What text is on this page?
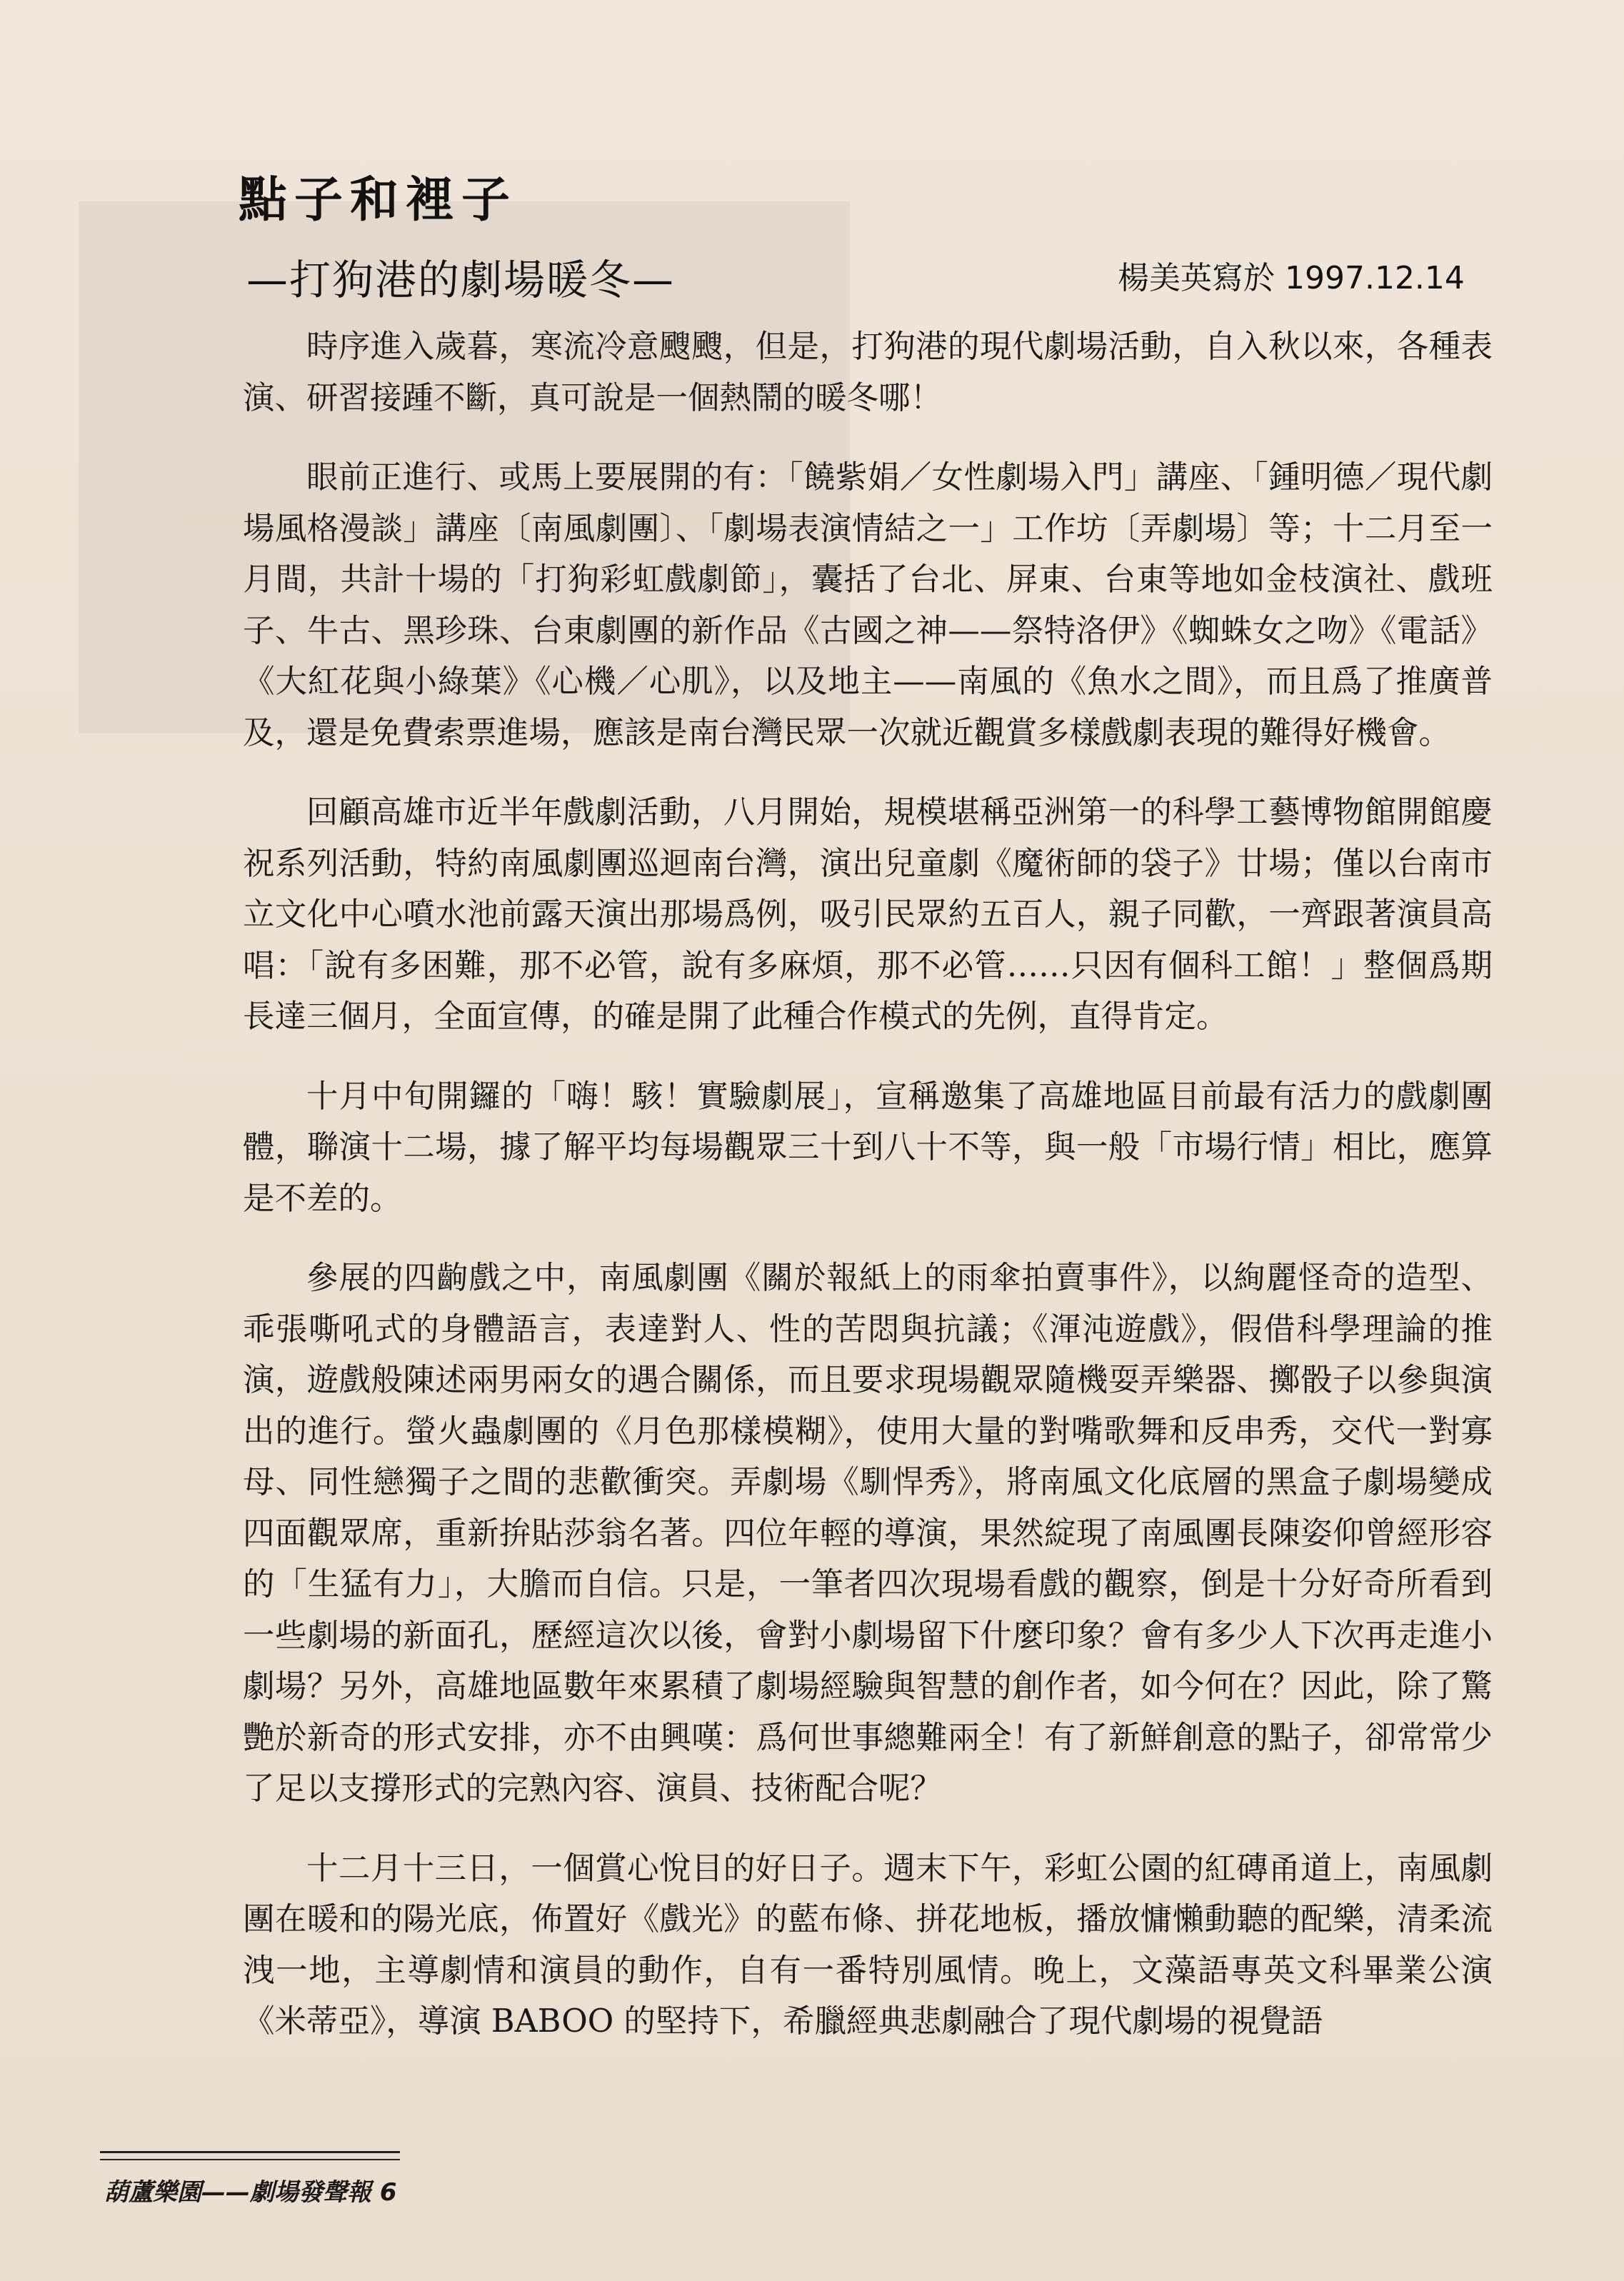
點子和裡子
—打狗港的劇場暖冬—	楊美英寫於 1997.12.14

時序進入歲暮，寒流冷意颼颼，但是，打狗港的現代劇場活動，自入秋以來，各種表演、研習接踵不斷，真可說是一個熱鬧的暖冬哪！

眼前正進行、或馬上要展開的有：「饒紫娟／女性劇場入門」講座、「鍾明德／現代劇場風格漫談」講座〔南風劇團〕、「劇場表演情結之一」工作坊〔弄劇場〕等；十二月至一月間，共計十場的「打狗彩虹戲劇節」，囊括了台北、屏東、台東等地如金枝演社、戲班子、牛古、黑珍珠、台東劇團的新作品《古國之神——祭特洛伊》《蜘蛛女之吻》《電話》《大紅花與小綠葉》《心機／心肌》，以及地主——南風的《魚水之間》，而且爲了推廣普及，還是免費索票進場，應該是南台灣民眾一次就近觀賞多樣戲劇表現的難得好機會。

回顧高雄市近半年戲劇活動，八月開始，規模堪稱亞洲第一的科學工藝博物館開館慶祝系列活動，特約南風劇團巡迴南台灣，演出兒童劇《魔術師的袋子》廿場；僅以台南市立文化中心噴水池前露天演出那場爲例，吸引民眾約五百人，親子同歡，一齊跟著演員高唱：「說有多困難，那不必管，說有多麻煩，那不必管……只因有個科工館！」整個爲期長達三個月，全面宣傳，的確是開了此種合作模式的先例，直得肯定。

十月中旬開鑼的「嗨！駭！實驗劇展」，宣稱邀集了高雄地區目前最有活力的戲劇團體，聯演十二場，據了解平均每場觀眾三十到八十不等，與一般「市場行情」相比，應算是不差的。

參展的四齣戲之中，南風劇團《關於報紙上的雨傘拍賣事件》，以絢麗怪奇的造型、乖張嘶吼式的身體語言，表達對人、性的苦悶與抗議；《渾沌遊戲》，假借科學理論的推演，遊戲般陳述兩男兩女的遇合關係，而且要求現場觀眾隨機耍弄樂器、擲骰子以參與演出的進行。螢火蟲劇團的《月色那樣模糊》，使用大量的對嘴歌舞和反串秀，交代一對寡母、同性戀獨子之間的悲歡衝突。弄劇場《馴悍秀》，將南風文化底層的黑盒子劇場變成四面觀眾席，重新拚貼莎翁名著。四位年輕的導演，果然綻現了南風團長陳姿仰曾經形容的「生猛有力」，大膽而自信。只是，一筆者四次現場看戲的觀察，倒是十分好奇所看到一些劇場的新面孔，歷經這次以後，會對小劇場留下什麼印象？會有多少人下次再走進小劇場？另外，高雄地區數年來累積了劇場經驗與智慧的創作者，如今何在？因此，除了驚艷於新奇的形式安排，亦不由興嘆：爲何世事總難兩全！有了新鮮創意的點子，卻常常少了足以支撐形式的完熟內容、演員、技術配合呢？

十二月十三日，一個賞心悅目的好日子。週末下午，彩虹公園的紅磚甬道上，南風劇團在暖和的陽光底，佈置好《戲光》的藍布條、拼花地板，播放慵懶動聽的配樂，清柔流洩一地，主導劇情和演員的動作，自有一番特別風情。晚上，文藻語專英文科畢業公演《米蒂亞》，導演 BABOO 的堅持下，希臘經典悲劇融合了現代劇場的視覺語

葫蘆樂園——劇場發聲報 6
